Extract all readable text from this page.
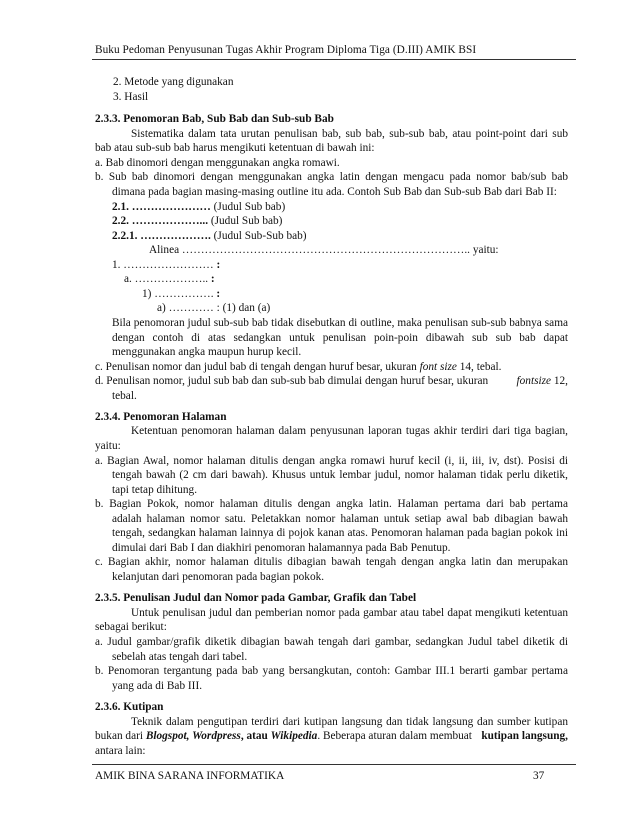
Buku Pedoman Penyusunan Tugas Akhir Program Diploma Tiga (D.III) AMIK BSI
2. Metode yang digunakan
3. Hasil
2.3.3. Penomoran Bab, Sub Bab dan Sub-sub Bab
Sistematika dalam tata urutan penulisan bab, sub bab, sub-sub bab, atau point-point dari sub
bab atau sub-sub bab harus mengikuti ketentuan di bawah ini:
a. Bab dinomori dengan menggunakan angka romawi.
b. Sub bab dinomori dengan menggunakan angka latin dengan mengacu pada nomor bab/sub bab
dimana pada bagian masing-masing outline itu ada. Contoh Sub Bab dan Sub-sub Bab dari Bab II:
2.1. ………………… (Judul Sub bab)
2.2. ………………... (Judul Sub bab)
2.2.1. ………………. (Judul Sub-Sub bab)
Alinea ………………………………………………………………….. yaitu:
1. …………………… :
a. ……………….. :
1) ……………. :
a) ………… : (1) dan (a)
Bila penomoran judul sub-sub bab tidak disebutkan di outline, maka penulisan sub-sub babnya sama
dengan contoh di atas sedangkan untuk penulisan poin-poin dibawah sub sub bab dapat
menggunakan angka maupun hurup kecil.
c. Penulisan nomor dan judul bab di tengah dengan huruf besar, ukuran font size 14, tebal.
d. Penulisan nomor, judul sub bab dan sub-sub bab dimulai dengan huruf besar, ukuran	fontsize 12,
tebal.
2.3.4. Penomoran Halaman
Ketentuan penomoran halaman dalam penyusunan laporan tugas akhir terdiri dari tiga bagian,
yaitu:
a. Bagian Awal, nomor halaman ditulis dengan angka romawi huruf kecil (i, ii, iii, iv, dst). Posisi di
tengah bawah (2 cm dari bawah). Khusus untuk lembar judul, nomor halaman tidak perlu diketik,
tapi tetap dihitung.
b. Bagian Pokok, nomor halaman ditulis dengan angka latin. Halaman pertama dari bab pertama
adalah halaman nomor satu. Peletakkan nomor halaman untuk setiap awal bab dibagian bawah
tengah, sedangkan halaman lainnya di pojok kanan atas. Penomoran halaman pada bagian pokok ini
dimulai dari Bab I dan diakhiri penomoran halamannya pada Bab Penutup.
c. Bagian akhir, nomor halaman ditulis dibagian bawah tengah dengan angka latin dan merupakan
kelanjutan dari penomoran pada bagian pokok.
2.3.5. Penulisan Judul dan Nomor pada Gambar, Grafik dan Tabel
Untuk penulisan judul dan pemberian nomor pada gambar atau tabel dapat mengikuti ketentuan
sebagai berikut:
a. Judul gambar/grafik diketik dibagian bawah tengah dari gambar, sedangkan Judul tabel diketik di
sebelah atas tengah dari tabel.
b. Penomoran tergantung pada bab yang bersangkutan, contoh: Gambar III.1 berarti gambar pertama
yang ada di Bab III.
2.3.6. Kutipan
Teknik dalam pengutipan terdiri dari kutipan langsung dan tidak langsung dan sumber kutipan
bukan dari Blogspot, Wordpress, atau Wikipedia. Beberapa aturan dalam membuat kutipan langsung,
antara lain:
AMIK BINA SARANA INFORMATIKA	37
